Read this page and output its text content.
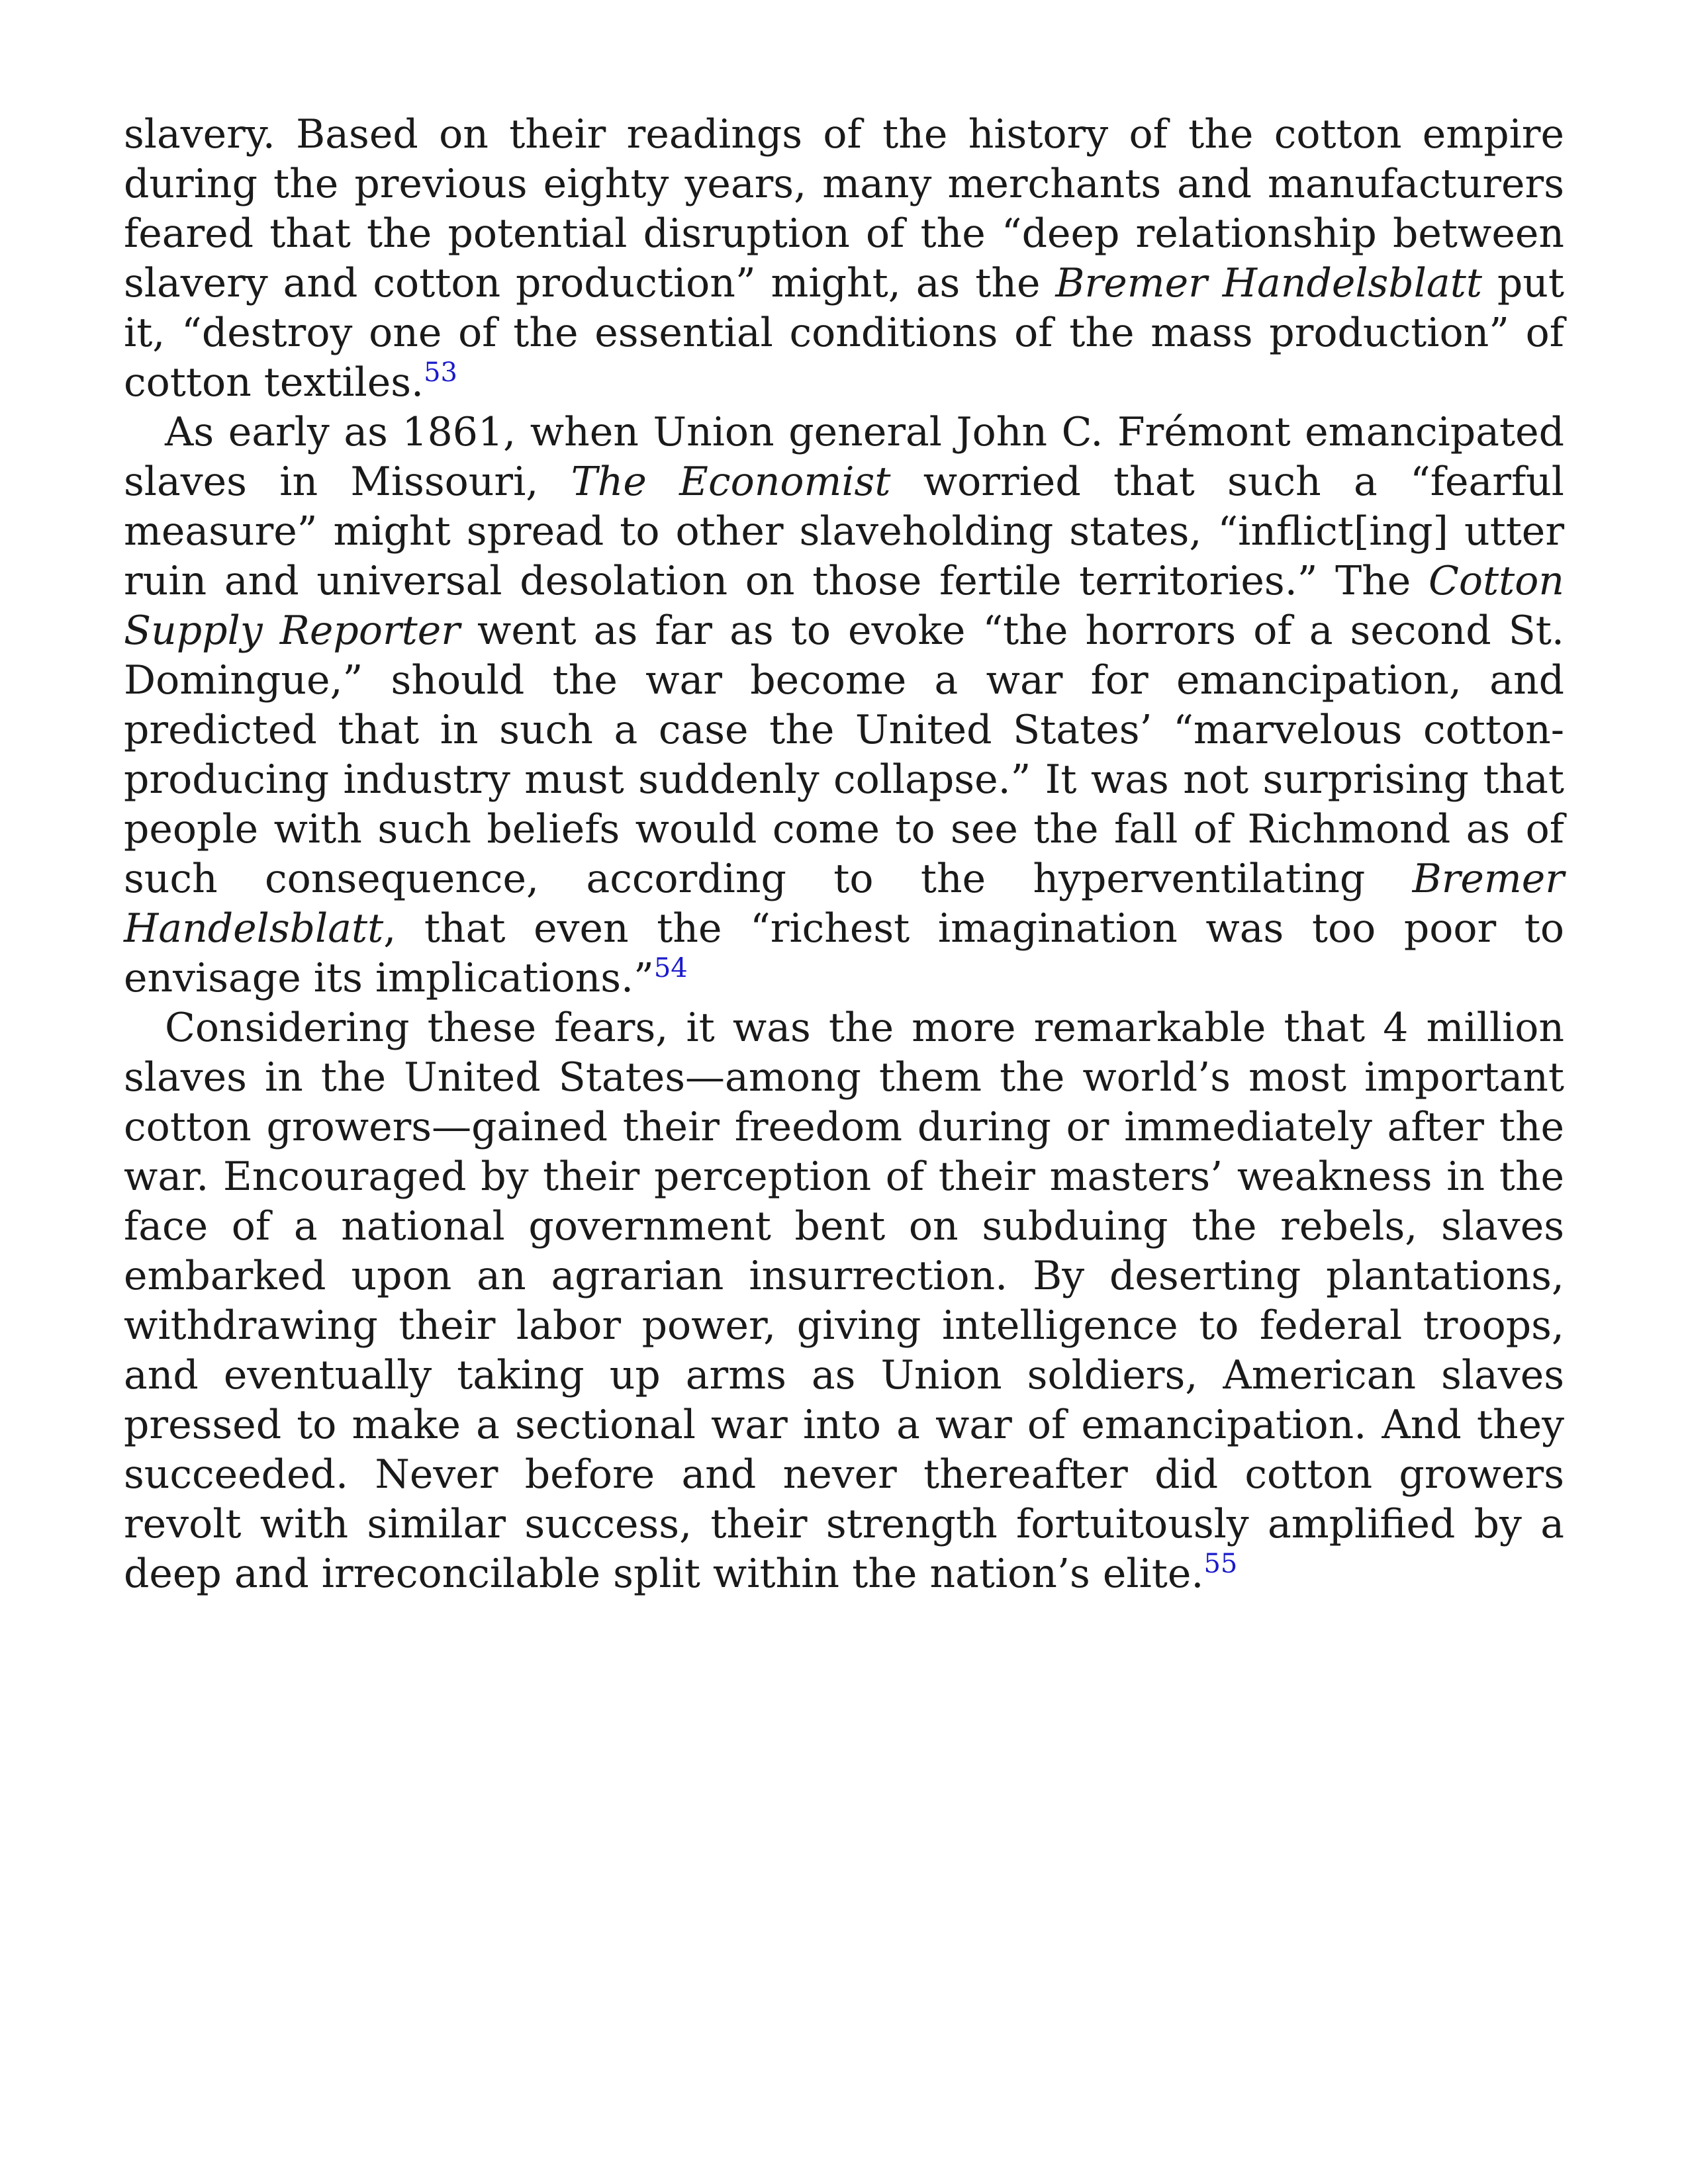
slavery. Based on their readings of the history of the cotton empire during the previous eighty years, many merchants and manufacturers feared that the potential disruption of the “deep relationship between slavery and cotton production” might, as the Bremer Handelsblatt put it, “destroy one of the essential conditions of the mass production” of cotton textiles.$^{53}$

As early as 1861, when Union general John C. Frémont emancipated slaves in Missouri, The Economist worried that such a “fearful measure” might spread to other slaveholding states, “inflict[ing] utter ruin and universal desolation on those fertile territories.” The Cotton Supply Reporter went as far as to evoke “the horrors of a second St. Domingue,” should the war become a war for emancipation, and predicted that in such a case the United States’ “marvelous cotton-producing industry must suddenly collapse.” It was not surprising that people with such beliefs would come to see the fall of Richmond as of such consequence, according to the hyperventilating Bremer Handelsblatt, that even the “richest imagination was too poor to envisage its implications.”$^{54}$

Considering these fears, it was the more remarkable that 4 million slaves in the United States—among them the world’s most important cotton growers—gained their freedom during or immediately after the war. Encouraged by their perception of their masters’ weakness in the face of a national government bent on subduing the rebels, slaves embarked upon an agrarian insurrection. By deserting plantations, withdrawing their labor power, giving intelligence to federal troops, and eventually taking up arms as Union soldiers, American slaves pressed to make a sectional war into a war of emancipation. And they succeeded. Never before and never thereafter did cotton growers revolt with similar success, their strength fortuitously amplified by a deep and irreconcilable split within the nation’s elite.$^{55}$
